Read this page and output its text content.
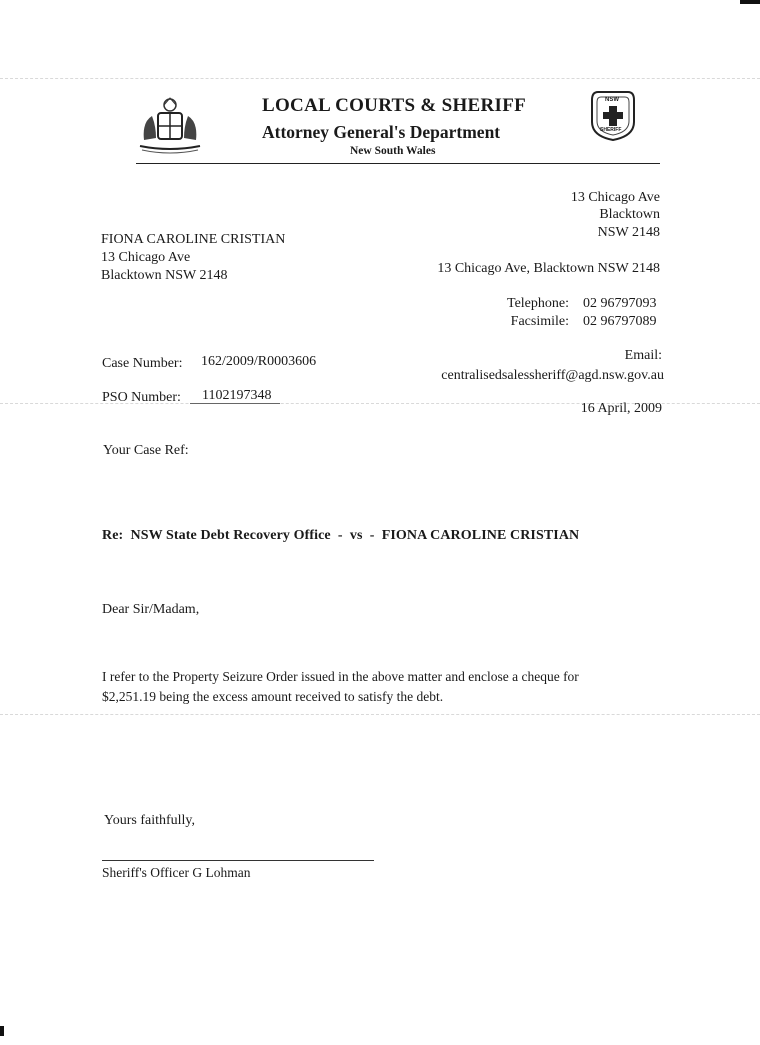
LOCAL COURTS & SHERIFF
Attorney General's Department
New South Wales
NSW
SHERIFF
13 Chicago Ave
Blacktown
NSW 2148
13 Chicago Ave, Blacktown NSW 2148
Telephone: 02 96797093
Facsimile: 02 96797089
Email:
centralisedsalessheriff@agd.nsw.gov.au
16 April, 2009
FIONA CAROLINE CRISTIAN
13 Chicago Ave
Blacktown NSW 2148
Case Number: 162/2009/R0003606
PSO Number: 1102197348
Your Case Ref:
Re:  NSW State Debt Recovery Office  -  vs  -  FIONA CAROLINE CRISTIAN
Dear Sir/Madam,
I refer to the Property Seizure Order issued in the above matter and enclose a cheque for
$2,251.19 being the excess amount received to satisfy the debt.
Yours faithfully,
Sheriff's Officer G Lohman
